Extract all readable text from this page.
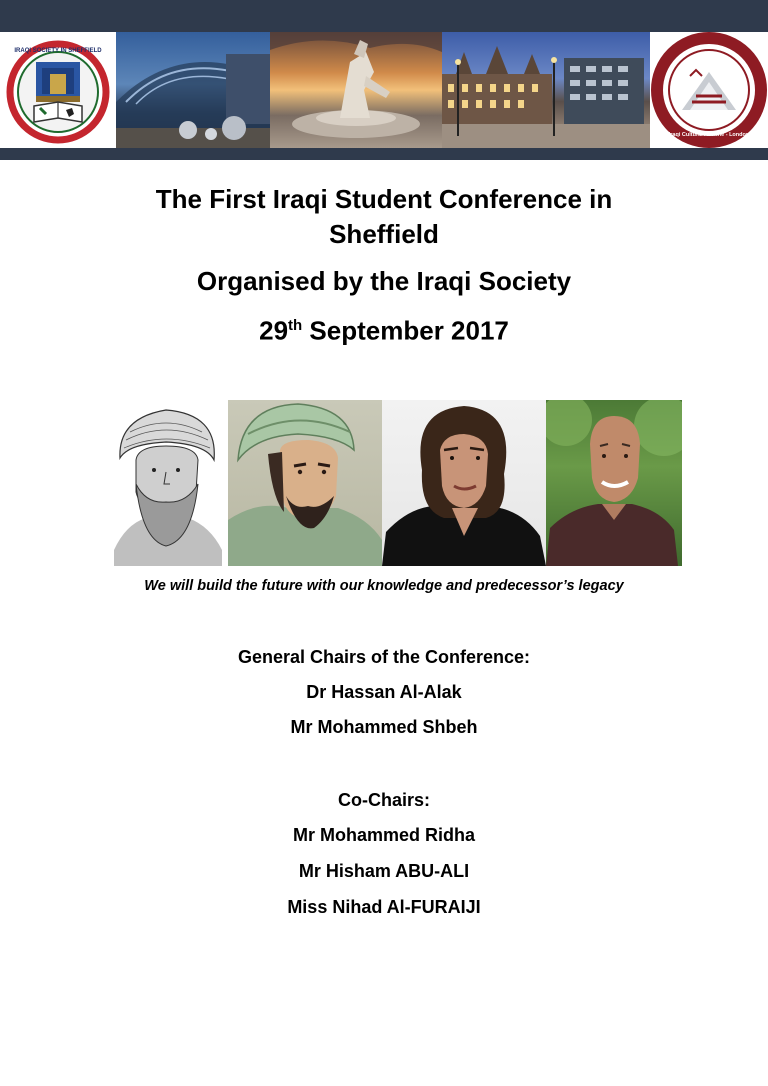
IRAQI SOCIETY IN SHEFFIELD
Iraqi Cultural Attaché - London
The First Iraqi Student Conference in
Sheffield
Organised by the Iraqi Society
29th September 2017
We will build the future with our knowledge and predecessor’s legacy
General Chairs of the Conference:
Dr Hassan Al-Alak
Mr Mohammed Shbeh
Co-Chairs:
Mr Mohammed Ridha
Mr Hisham ABU-ALI
Miss Nihad Al-FURAIJI
